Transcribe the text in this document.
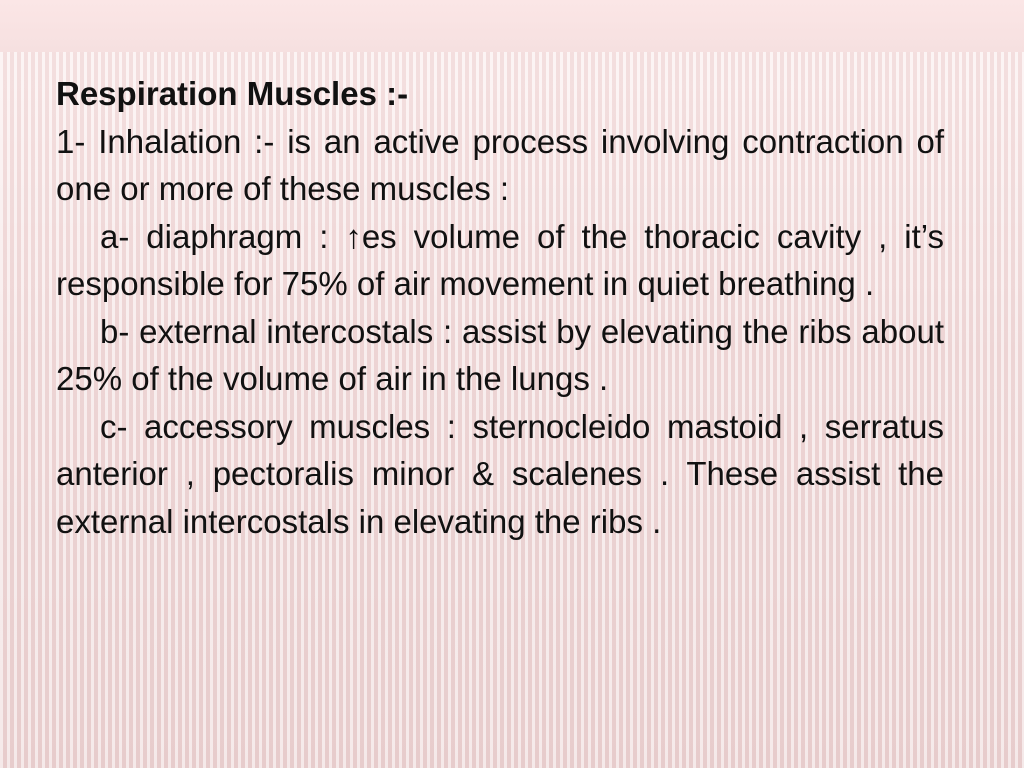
Respiration Muscles :-

1- Inhalation :- is an active process involving contraction of one or more of these muscles :

a- diaphragm : ↑es volume of the thoracic cavity , it’s responsible for 75% of air movement in quiet breathing .

b- external intercostals : assist by elevating the ribs about 25% of the volume of air in the lungs .

c- accessory muscles : sternocleido mastoid , serratus anterior , pectoralis minor & scalenes . These assist the external intercostals in elevating the ribs .
